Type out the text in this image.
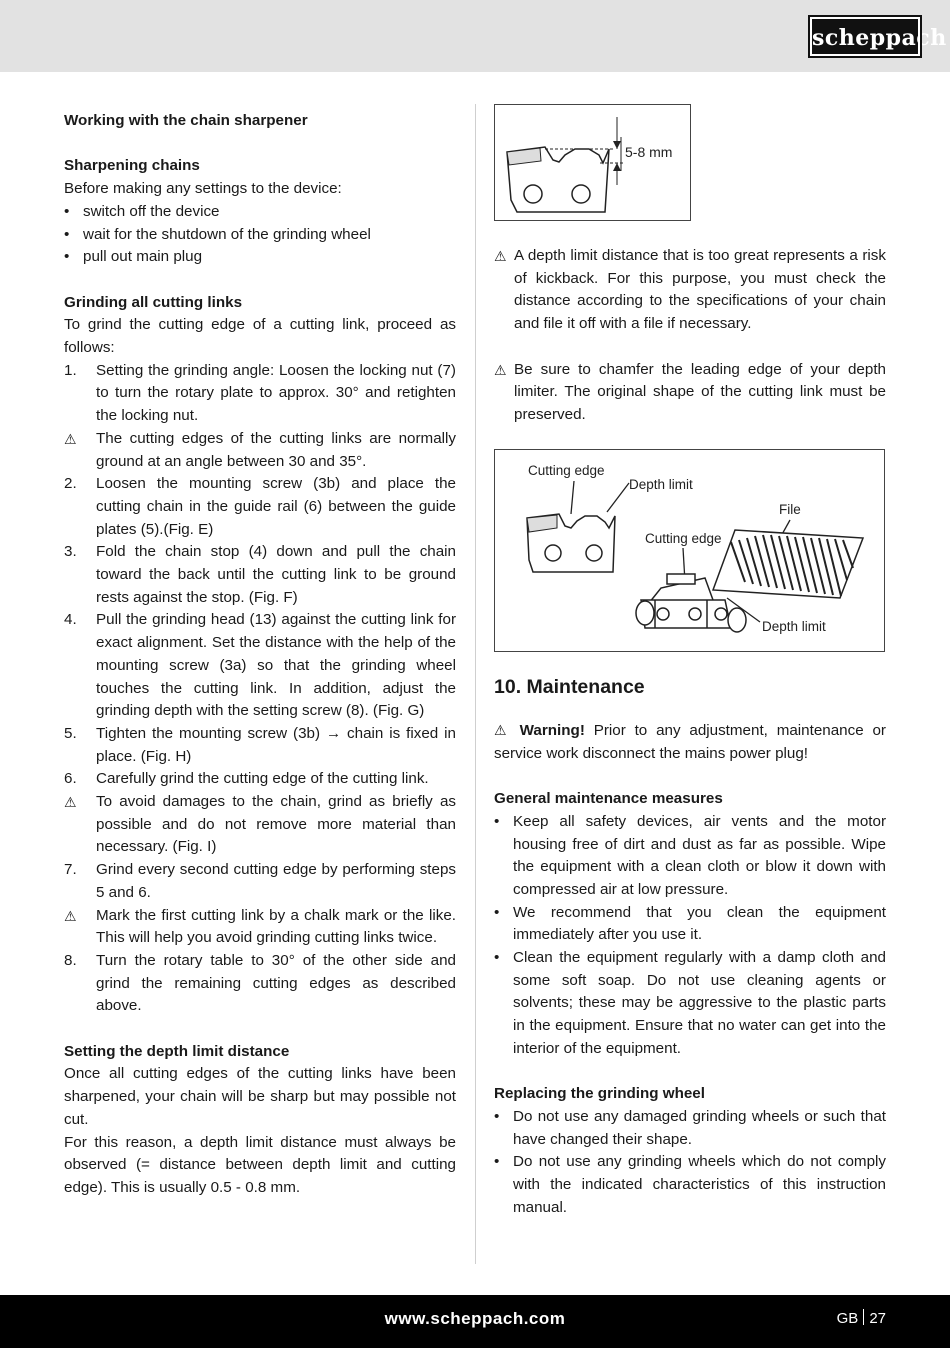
scheppach
Working with the chain sharpener
Sharpening chains
Before making any settings to the device:
• switch off the device
• wait for the shutdown of the grinding wheel
• pull out main plug
Grinding all cutting links
To grind the cutting edge of a cutting link, proceed as follows:
1. Setting the grinding angle: Loosen the locking nut (7) to turn the rotary plate to approx. 30° and retighten the locking nut.
⚠ The cutting edges of the cutting links are normally ground at an angle between 30 and 35°.
2. Loosen the mounting screw (3b) and place the cutting chain in the guide rail (6) between the guide plates (5).(Fig. E)
3. Fold the chain stop (4) down and pull the chain toward the back until the cutting link to be ground rests against the stop. (Fig. F)
4. Pull the grinding head (13) against the cutting link for exact alignment. Set the distance with the help of the mounting screw (3a) so that the grinding wheel touches the cutting link. In addition, adjust the grinding depth with the setting screw (8). (Fig. G)
5. Tighten the mounting screw (3b) → chain is fixed in place. (Fig. H)
6. Carefully grind the cutting edge of the cutting link.
⚠ To avoid damages to the chain, grind as briefly as possible and do not remove more material than necessary. (Fig. I)
7. Grind every second cutting edge by performing steps 5 and 6.
⚠ Mark the first cutting link by a chalk mark or the like. This will help you avoid grinding cutting links twice.
8. Turn the rotary table to 30° of the other side and grind the remaining cutting edges as described above.
Setting the depth limit distance
Once all cutting edges of the cutting links have been sharpened, your chain will be sharp but may possible not cut.
For this reason, a depth limit distance must always be observed (= distance between depth limit and cutting edge). This is usually 0.5 - 0.8 mm.
5-8 mm
⚠ A depth limit distance that is too great represents a risk of kickback. For this purpose, you must check the distance according to the specifications of your chain and file it off with a file if necessary.
⚠ Be sure to chamfer the leading edge of your depth limiter. The original shape of the cutting link must be preserved.
Cutting edge
Depth limit
File
Cutting edge
Depth limit
10. Maintenance
⚠ Warning! Prior to any adjustment, maintenance or service work disconnect the mains power plug!
General maintenance measures
• Keep all safety devices, air vents and the motor housing free of dirt and dust as far as possible. Wipe the equipment with a clean cloth or blow it down with compressed air at low pressure.
• We recommend that you clean the equipment immediately after you use it.
• Clean the equipment regularly with a damp cloth and some soft soap. Do not use cleaning agents or solvents; these may be aggressive to the plastic parts in the equipment. Ensure that no water can get into the interior of the equipment.
Replacing the grinding wheel
• Do not use any damaged grinding wheels or such that have changed their shape.
• Do not use any grinding wheels which do not comply with the indicated characteristics of this instruction manual.
www.scheppach.com	GB 27
